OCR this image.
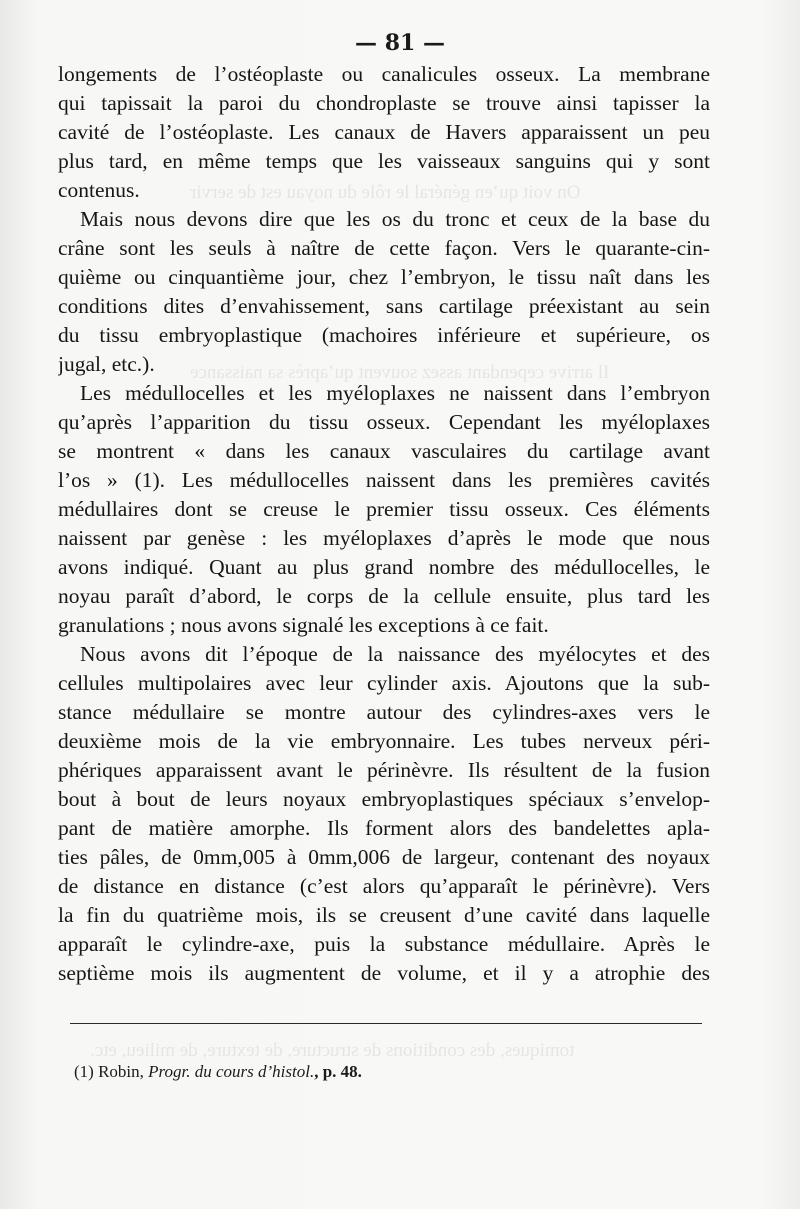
On voit qu’en général le rôle du noyau est de servir
Il arrive cependant assez souvent qu’après sa naissance
tomiques, des conditions de structure, de texture, de milieu, etc.
— 81 —
longements de l’ostéoplaste ou canalicules osseux. La membrane
qui tapissait la paroi du chondroplaste se trouve ainsi tapisser la
cavité de l’ostéoplaste. Les canaux de Havers apparaissent un peu
plus tard, en même temps que les vaisseaux sanguins qui y sont
contenus.
Mais nous devons dire que les os du tronc et ceux de la base du
crâne sont les seuls à naître de cette façon. Vers le quarante-cin-
quième ou cinquantième jour, chez l’embryon, le tissu naît dans les
conditions dites d’envahissement, sans cartilage préexistant au sein
du tissu embryoplastique (machoires inférieure et supérieure, os
jugal, etc.).
Les médullocelles et les myéloplaxes ne naissent dans l’embryon
qu’après l’apparition du tissu osseux. Cependant les myéloplaxes
se montrent « dans les canaux vasculaires du cartilage avant
l’os » (1). Les médullocelles naissent dans les premières cavités
médullaires dont se creuse le premier tissu osseux. Ces éléments
naissent par genèse : les myéloplaxes d’après le mode que nous
avons indiqué. Quant au plus grand nombre des médullocelles, le
noyau paraît d’abord, le corps de la cellule ensuite, plus tard les
granulations ; nous avons signalé les exceptions à ce fait.
Nous avons dit l’époque de la naissance des myélocytes et des
cellules multipolaires avec leur cylinder axis. Ajoutons que la sub-
stance médullaire se montre autour des cylindres-axes vers le
deuxième mois de la vie embryonnaire. Les tubes nerveux péri-
phériques apparaissent avant le périnèvre. Ils résultent de la fusion
bout à bout de leurs noyaux embryoplastiques spéciaux s’envelop-
pant de matière amorphe. Ils forment alors des bandelettes apla-
ties pâles, de 0mm,005 à 0mm,006 de largeur, contenant des noyaux
de distance en distance (c’est alors qu’apparaît le périnèvre). Vers
la fin du quatrième mois, ils se creusent d’une cavité dans laquelle
apparaît le cylindre-axe, puis la substance médullaire. Après le
septième mois ils augmentent de volume, et il y a atrophie des
(1) Robin, Progr. du cours d’histol., p. 48.
